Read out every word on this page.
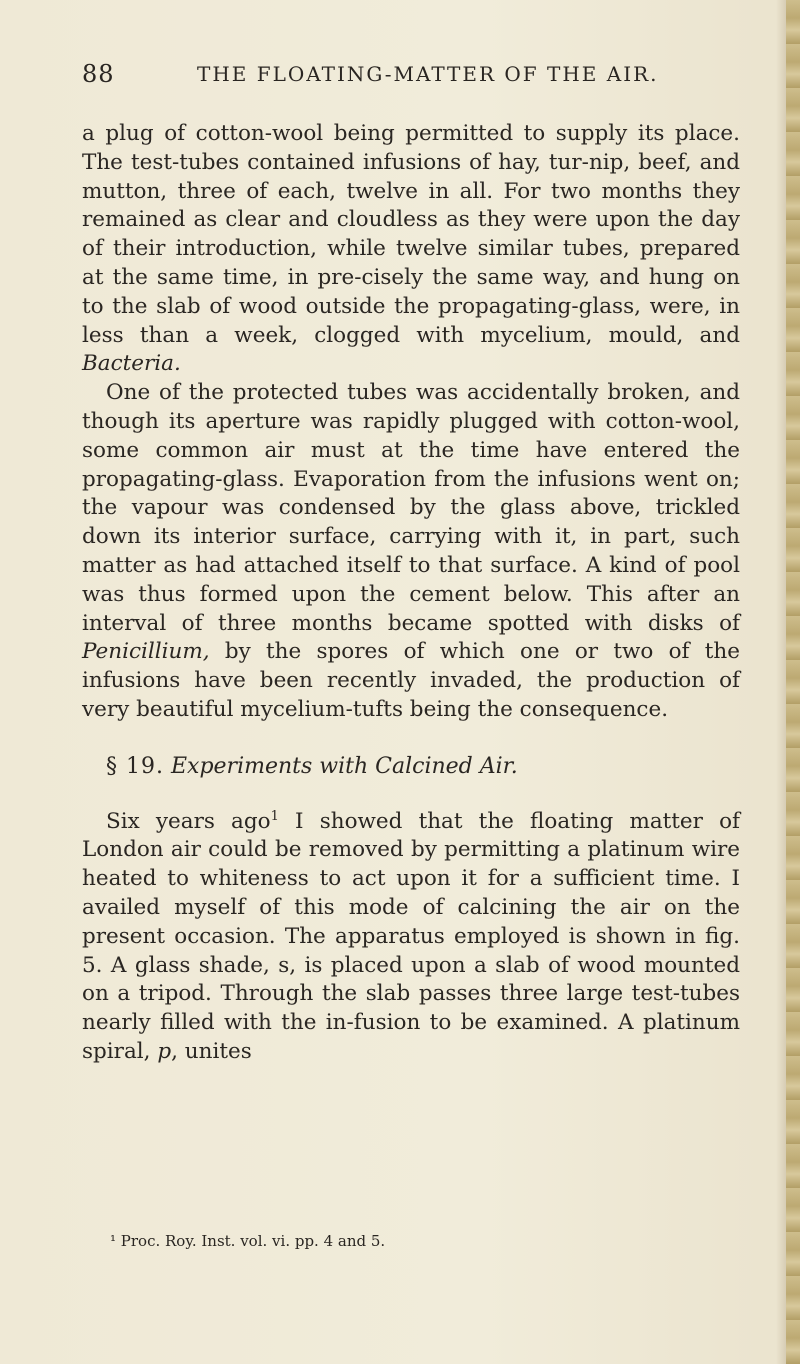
88	THE FLOATING-MATTER OF THE AIR.

a plug of cotton-wool being permitted to supply its place. The test-tubes contained infusions of hay, tur-nip, beef, and mutton, three of each, twelve in all. For two months they remained as clear and cloudless as they were upon the day of their introduction, while twelve similar tubes, prepared at the same time, in pre-cisely the same way, and hung on to the slab of wood outside the propagating-glass, were, in less than a week, clogged with mycelium, mould, and Bacteria.

One of the protected tubes was accidentally broken, and though its aperture was rapidly plugged with cotton-wool, some common air must at the time have entered the propagating-glass. Evaporation from the infusions went on; the vapour was condensed by the glass above, trickled down its interior surface, carrying with it, in part, such matter as had attached itself to that surface. A kind of pool was thus formed upon the cement below. This after an interval of three months became spotted with disks of Penicillium, by the spores of which one or two of the infusions have been recently invaded, the production of very beautiful mycelium-tufts being the consequence.

§ 19. Experiments with Calcined Air.

Six years ago$^1$ I showed that the floating matter of London air could be removed by permitting a platinum wire heated to whiteness to act upon it for a sufficient time. I availed myself of this mode of calcining the air on the present occasion. The apparatus employed is shown in fig. 5. A glass shade, s, is placed upon a slab of wood mounted on a tripod. Through the slab passes three large test-tubes nearly filled with the in-fusion to be examined. A platinum spiral, p, unites

¹ Proc. Roy. Inst. vol. vi. pp. 4 and 5.
